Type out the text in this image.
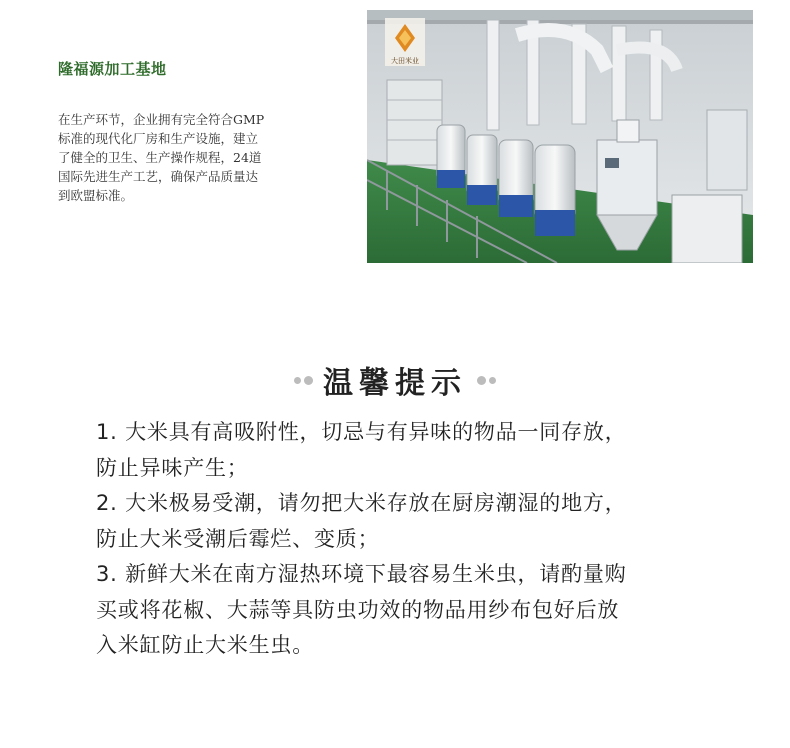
隆福源加工基地
在生产环节，企业拥有完全符合GMP
标准的现代化厂房和生产设施，建立
了健全的卫生、生产操作规程，24道
国际先进生产工艺，确保产品质量达
到欧盟标准。
大田米业
温馨提示
1. 大米具有高吸附性，切忌与有异味的物品一同存放，
防止异味产生；
2. 大米极易受潮，请勿把大米存放在厨房潮湿的地方，
防止大米受潮后霉烂、变质；
3. 新鲜大米在南方湿热环境下最容易生米虫，请酌量购
买或将花椒、大蒜等具防虫功效的物品用纱布包好后放
入米缸防止大米生虫。
